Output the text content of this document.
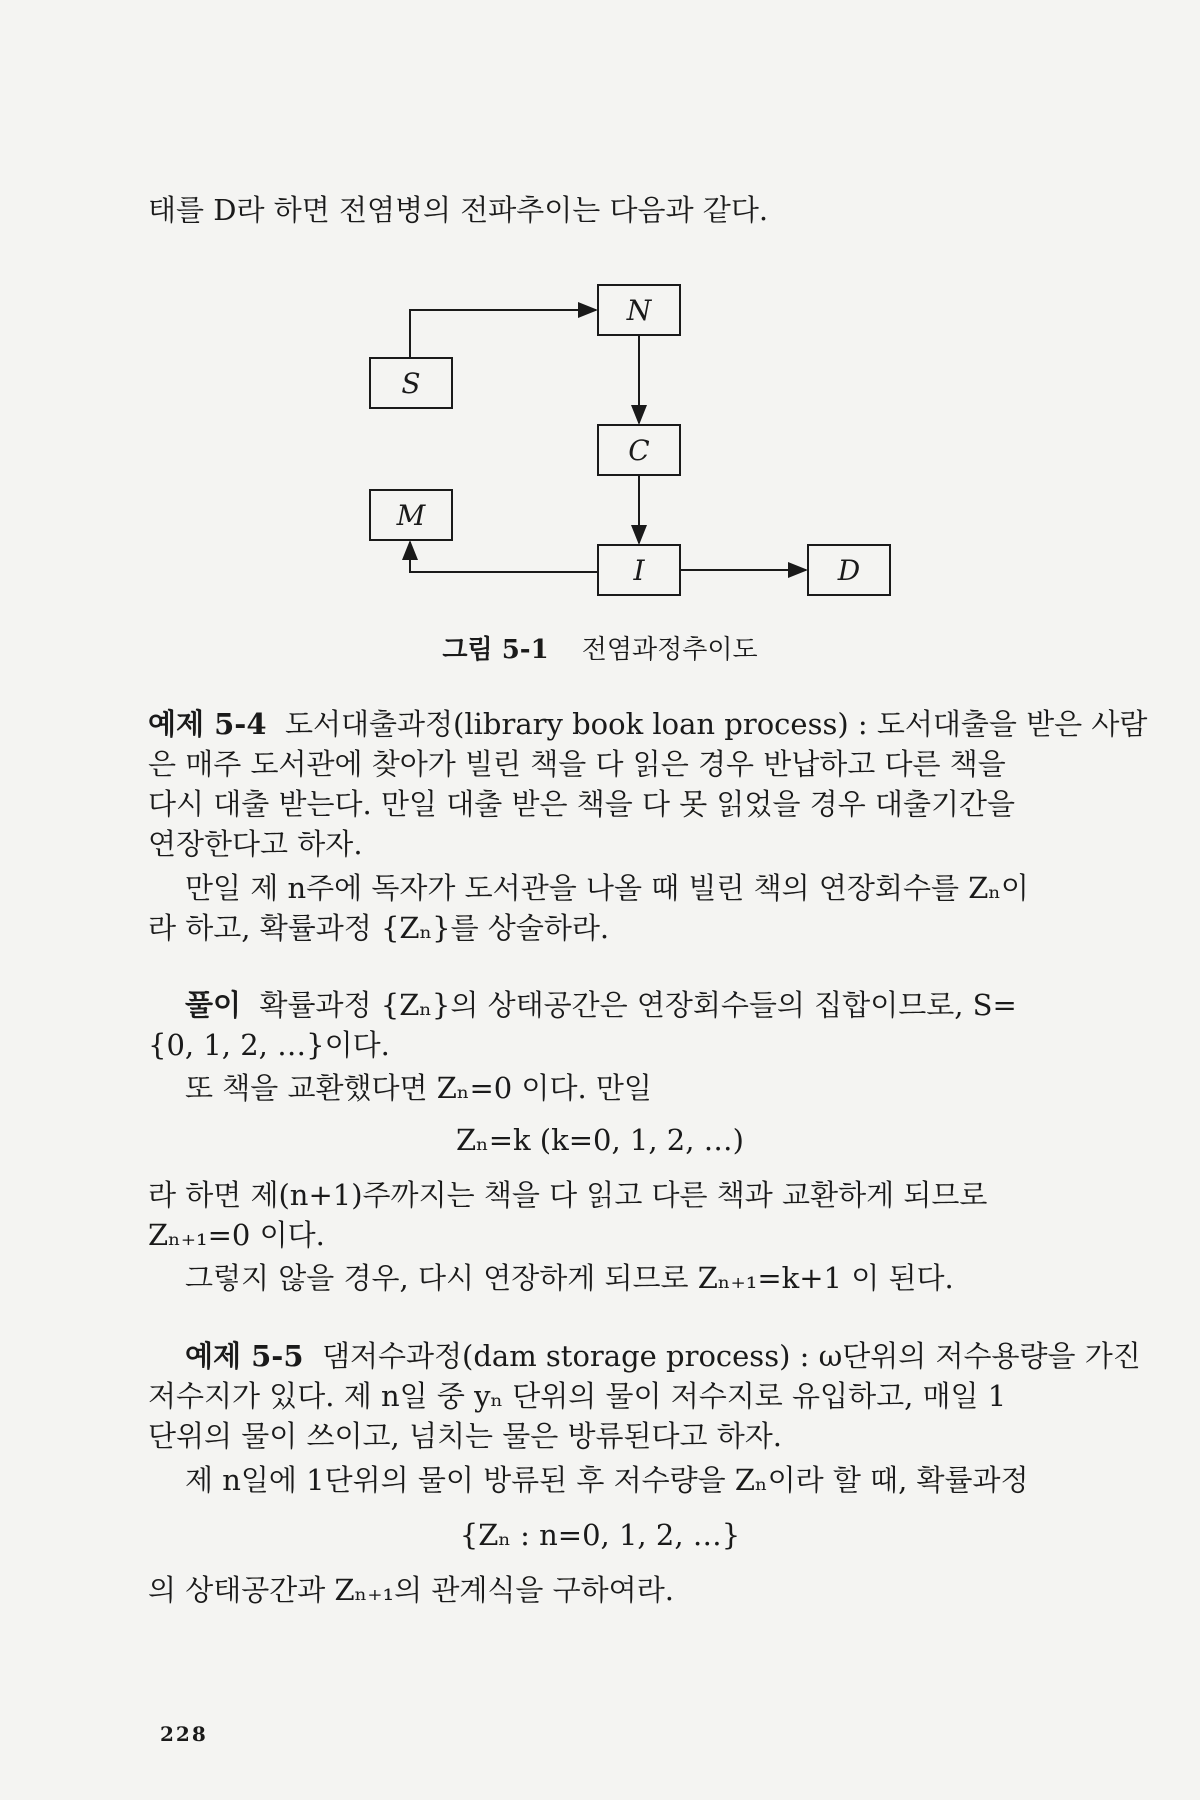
태를 D라 하면 전염병의 전파추이는 다음과 같다.
N
S
C
M
I	D
그림 5-1 전염과정추이도
예제 5-4 도서대출과정(library book loan process) : 도서대출을 받은 사람
은 매주 도서관에 찾아가 빌린 책을 다 읽은 경우 반납하고 다른 책을
다시 대출 받는다. 만일 대출 받은 책을 다 못 읽었을 경우 대출기간을
연장한다고 하자.
만일 제 n주에 독자가 도서관을 나올 때 빌린 책의 연장회수를 Zₙ이
라 하고, 확률과정 {Zₙ}를 상술하라.
풀이 확률과정 {Zₙ}의 상태공간은 연장회수들의 집합이므로, S=
{0, 1, 2, …}이다.
또 책을 교환했다면 Zₙ=0 이다. 만일
Zₙ=k (k=0, 1, 2, …)
라 하면 제(n+1)주까지는 책을 다 읽고 다른 책과 교환하게 되므로
Zₙ₊₁=0 이다.
그렇지 않을 경우, 다시 연장하게 되므로 Zₙ₊₁=k+1 이 된다.
예제 5-5 댐저수과정(dam storage process) : ω단위의 저수용량을 가진
저수지가 있다. 제 n일 중 yₙ 단위의 물이 저수지로 유입하고, 매일 1
단위의 물이 쓰이고, 넘치는 물은 방류된다고 하자.
제 n일에 1단위의 물이 방류된 후 저수량을 Zₙ이라 할 때, 확률과정
{Zₙ : n=0, 1, 2, …}
의 상태공간과 Zₙ₊₁의 관계식을 구하여라.
228
